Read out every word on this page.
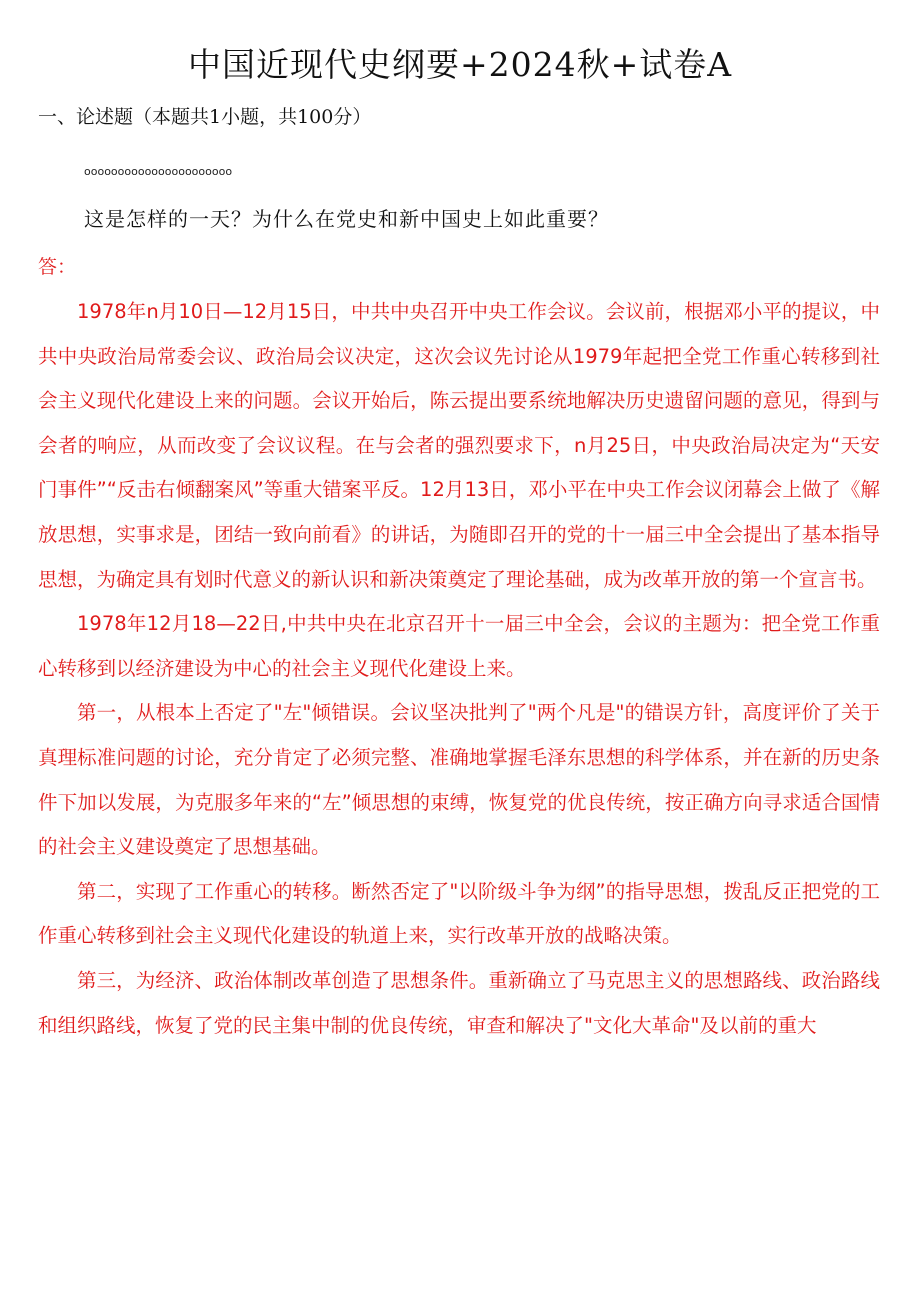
中国近现代史纲要+2024秋+试卷A
一、论述题（本题共1小题，共100分）
oooooooooooooooooooooo
这是怎样的一天？为什么在党史和新中国史上如此重要？
答：

1978年n月10日—12月15日，中共中央召开中央工作会议。会议前，根据邓小平的提议，中共中央政治局常委会议、政治局会议决定，这次会议先讨论从1979年起把全党工作重心转移到社会主义现代化建设上来的问题。会议开始后，陈云提出要系统地解决历史遗留问题的意见，得到与会者的响应，从而改变了会议议程。在与会者的强烈要求下，n月25日，中央政治局决定为“天安门事件”“反击右倾翻案风”等重大错案平反。12月13日，邓小平在中央工作会议闭幕会上做了《解放思想，实事求是，团结一致向前看》的讲话，为随即召开的党的十一届三中全会提出了基本指导思想，为确定具有划时代意义的新认识和新决策奠定了理论基础，成为改革开放的第一个宣言书。

1978年12月18—22日,中共中央在北京召开十一届三中全会，会议的主题为：把全党工作重心转移到以经济建设为中心的社会主义现代化建设上来。

第一，从根本上否定了"左"倾错误。会议坚决批判了"两个凡是"的错误方针，高度评价了关于真理标准问题的讨论，充分肯定了必须完整、准确地掌握毛泽东思想的科学体系，并在新的历史条件下加以发展，为克服多年来的“左”倾思想的束缚，恢复党的优良传统，按正确方向寻求适合国情的社会主义建设奠定了思想基础。

第二，实现了工作重心的转移。断然否定了"以阶级斗争为纲”的指导思想，拨乱反正把党的工作重心转移到社会主义现代化建设的轨道上来，实行改革开放的战略决策。

第三，为经济、政治体制改革创造了思想条件。重新确立了马克思主义的思想路线、政治路线和组织路线，恢复了党的民主集中制的优良传统，审查和解决了"文化大革命"及以前的重大
